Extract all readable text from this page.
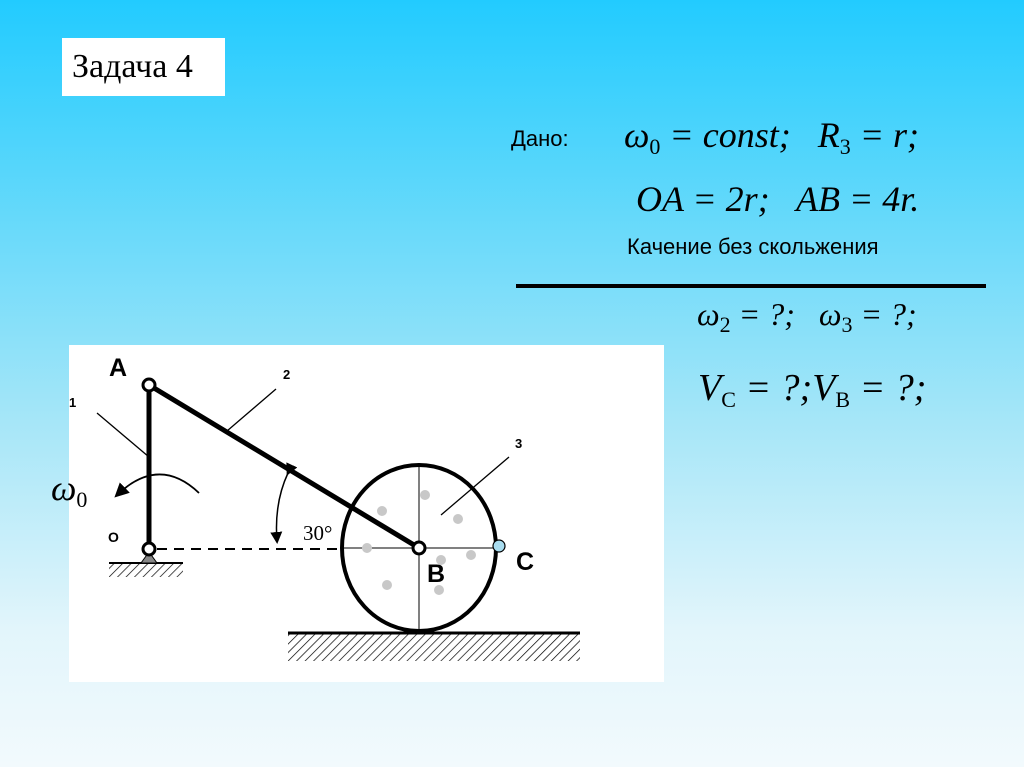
Задача 4
Дано: $\omega_0$ = const;   $R_3 = r$;
OA = 2r;   AB = 4r.
Качение без скольжения
$\omega_2$ = ?;   $\omega_3$ = ?;
$V_C$ = $?;V_B$ = ?;
A
O
B	C
1
2
3
30°
$\omega_0$
